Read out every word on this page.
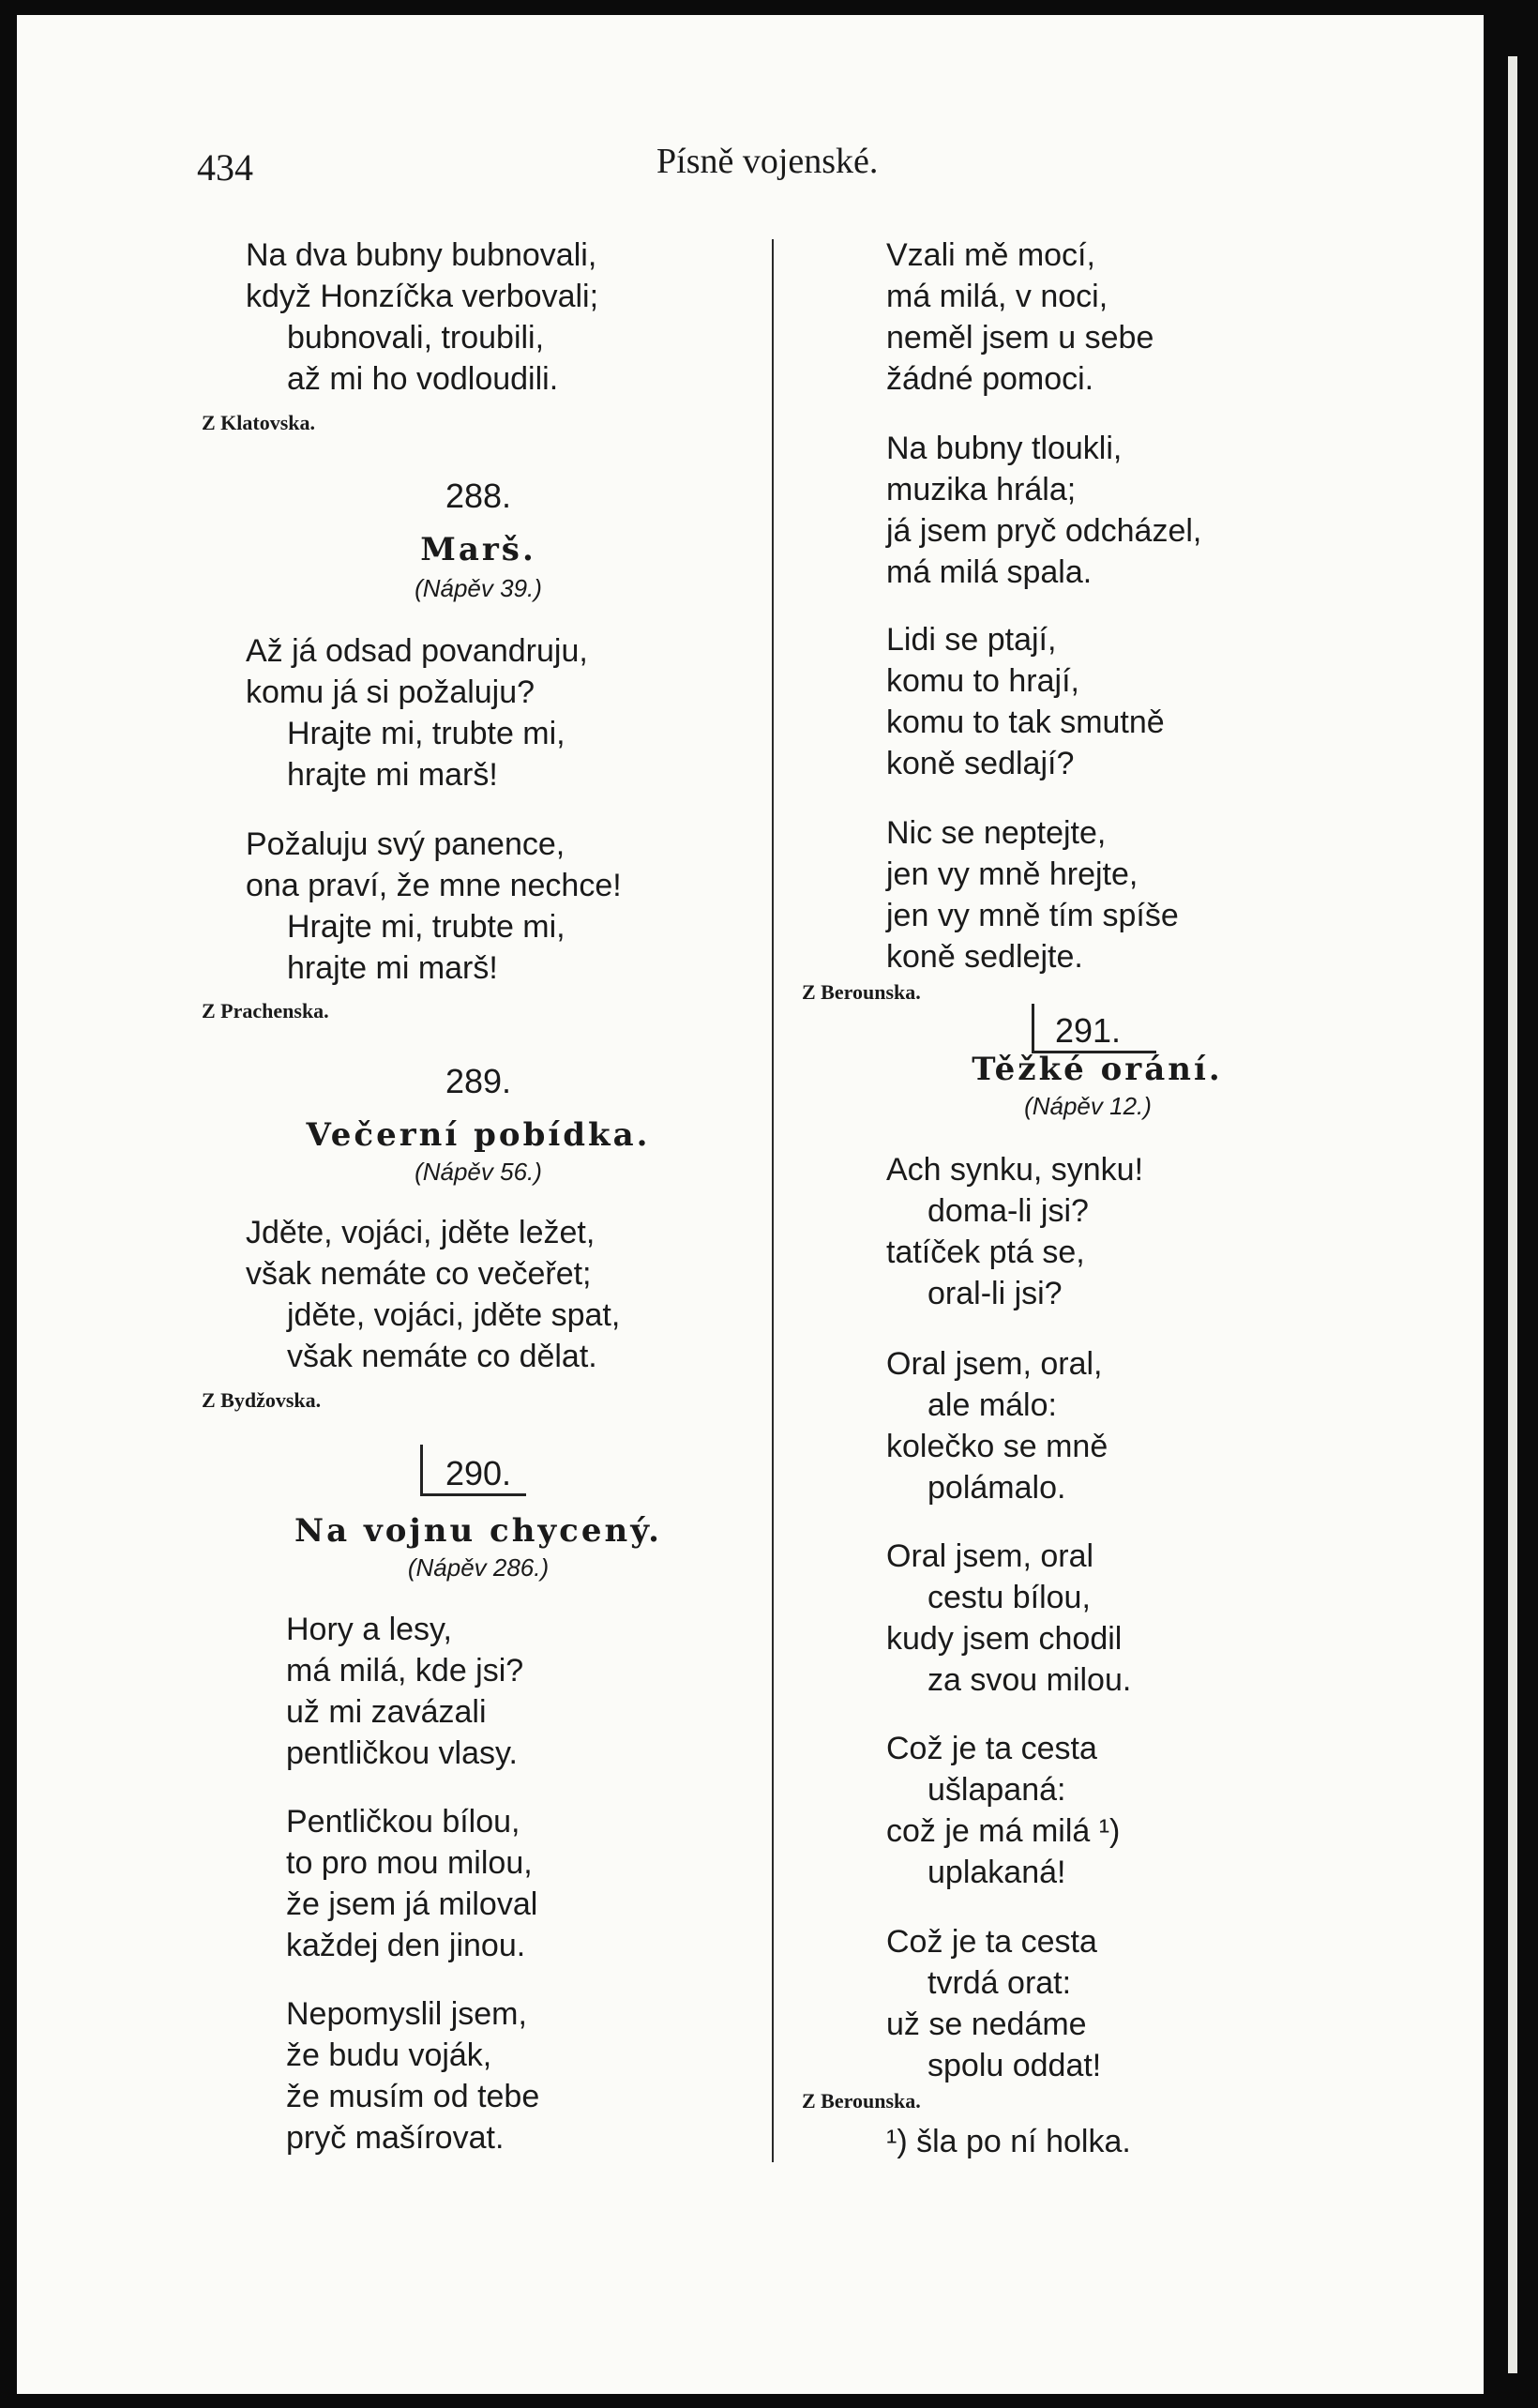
434	Písně vojenské.
Na dva bubny bubnovali,
když Honzíčka verbovali;
bubnovali, troubili,
až mi ho vodloudili.
Z Klatovska.
288.
Marš.
(Nápěv 39.)
Až já odsad povandruju,
komu já si požaluju?
Hrajte mi, trubte mi,
hrajte mi marš!
Požaluju svý panence,
ona praví, že mne nechce!
Hrajte mi, trubte mi,
hrajte mi marš!
Z Prachenska.
289.
Večerní pobídka.
(Nápěv 56.)
Jděte, vojáci, jděte ležet,
však nemáte co večeřet;
jděte, vojáci, jděte spat,
však nemáte co dělat.
Z Bydžovska.
290.
Na vojnu chycený.
(Nápěv 286.)
Hory a lesy,
má milá, kde jsi?
už mi zavázali
pentličkou vlasy.
Pentličkou bílou,
to pro mou milou,
že jsem já miloval
každej den jinou.
Nepomyslil jsem,
že budu voják,
že musím od tebe
pryč mašírovat.
Vzali mě mocí,
má milá, v noci,
neměl jsem u sebe
žádné pomoci.
Na bubny tloukli,
muzika hrála;
já jsem pryč odcházel,
má milá spala.
Lidi se ptají,
komu to hrají,
komu to tak smutně
koně sedlají?
Nic se neptejte,
jen vy mně hrejte,
jen vy mně tím spíše
koně sedlejte.
Z Berounska.
291.
Těžké orání.
(Nápěv 12.)
Ach synku, synku!
doma-li jsi?
tatíček ptá se,
oral-li jsi?
Oral jsem, oral,
ale málo:
kolečko se mně
polámalo.
Oral jsem, oral
cestu bílou,
kudy jsem chodil
za svou milou.
Což je ta cesta
ušlapaná:
což je má milá ¹)
uplakaná!
Což je ta cesta
tvrdá orat:
už se nedáme
spolu oddat!
Z Berounska.
¹) šla po ní holka.
